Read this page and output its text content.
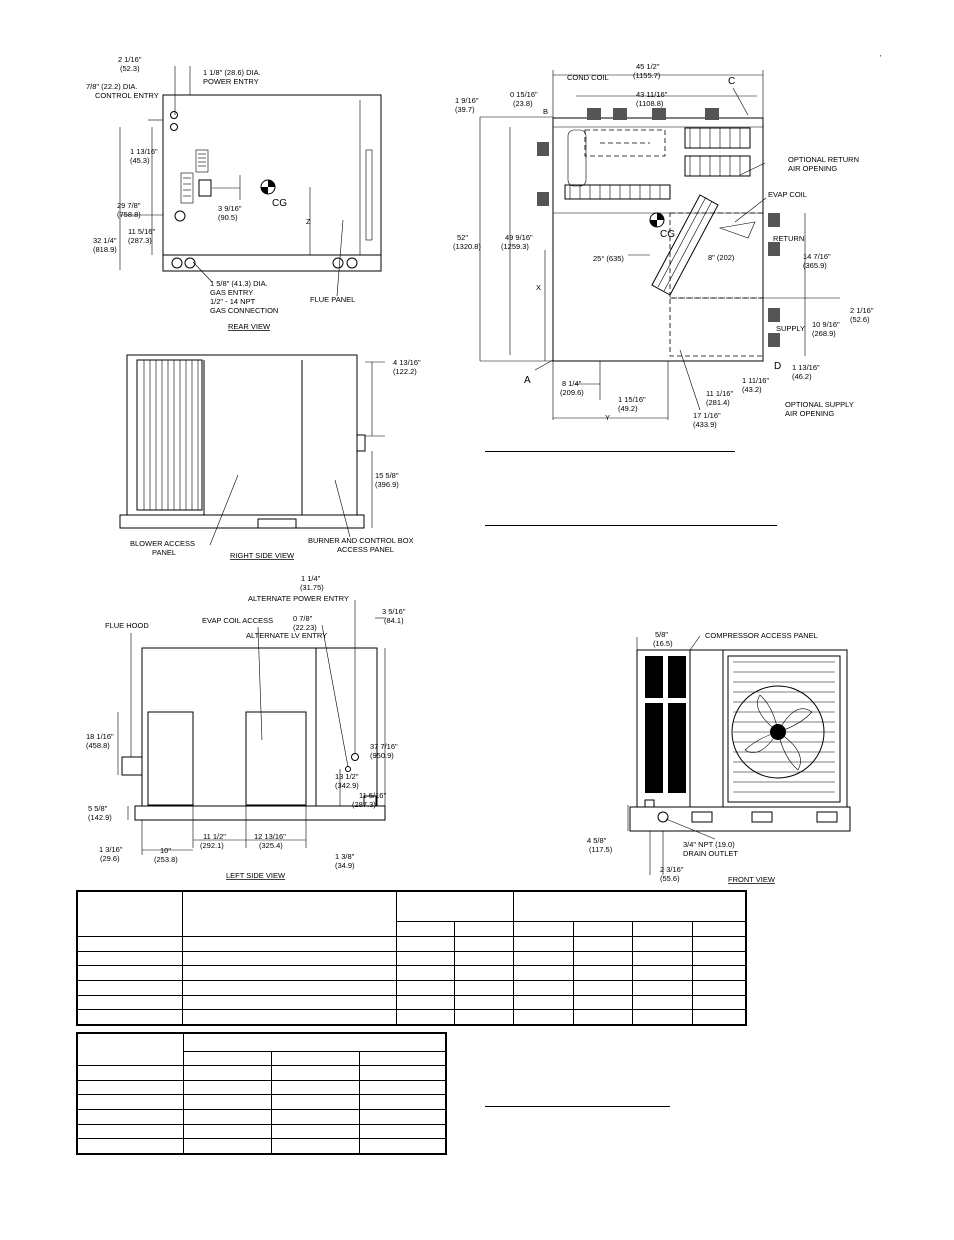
'
2 1/16"
(52.3)
7/8" (22.2) DIA.
CONTROL ENTRY
1 1/8" (28.6) DIA.
POWER ENTRY
1 13/16"
(45.3)
29 7/8"
(758.8)
11 5/16"
(287.3)
32 1/4"
(818.9)
3 9/16"
(90.5)
CG
Z
1 5/8" (41.3) DIA.
GAS ENTRY
1/2" - 14 NPT
GAS CONNECTION
FLUE PANEL
REAR VIEW
COND COIL
45 1/2"
(1155.7)
C
0 15/16"
(23.8)
43 11/16"
(1108.8)
1 9/16"
(39.7)	B
OPTIONAL RETURN
AIR OPENING
EVAP COIL
CG	RETURN
52"
(1320.8)
49 9/16"
(1259.3)
25° (635)	8" (202)	14 7/16"
(365.9)
X
2 1/16"
(52.6)
SUPPLY 10 9/16"
(268.9)
D 1 13/16"
(46.2)
A	8 1/4"
(209.6)
1 11/16"
(43.2)
11 1/16"
(281.4)
1 15/16"
(49.2)	OPTIONAL SUPPLY
AIR OPENING
Y	17 1/16"
(433.9)
4 13/16"
(122.2)
15 5/8"
(396.9)
BLOWER ACCESS
PANEL
BURNER AND CONTROL BOX
ACCESS PANEL
RIGHT SIDE VIEW
1 1/4"
(31.75)
ALTERNATE POWER ENTRY
3 5/16"
(84.1)
FLUE HOOD
EVAP COIL ACCESS	0 7/8"
(22.23)
ALTERNATE LV ENTRY
37 7/16"
(950.9)
18 1/16"
(458.8)
13 1/2"
(342.9)
11 5/16"
(287.3)
5 5/8"
(142.9)
11 1/2"
(292.1)
12 13/16"
(325.4)
1 3/16"
(29.6)
10"
(253.8)	1 3/8"
(34.9)
LEFT SIDE VIEW
5/8"
(16.5)
COMPRESSOR ACCESS PANEL
4 5/8"
(117.5)
3/4" NPT (19.0)
DRAIN OUTLET
2 3/16"
(55.6)	FRONT VIEW
